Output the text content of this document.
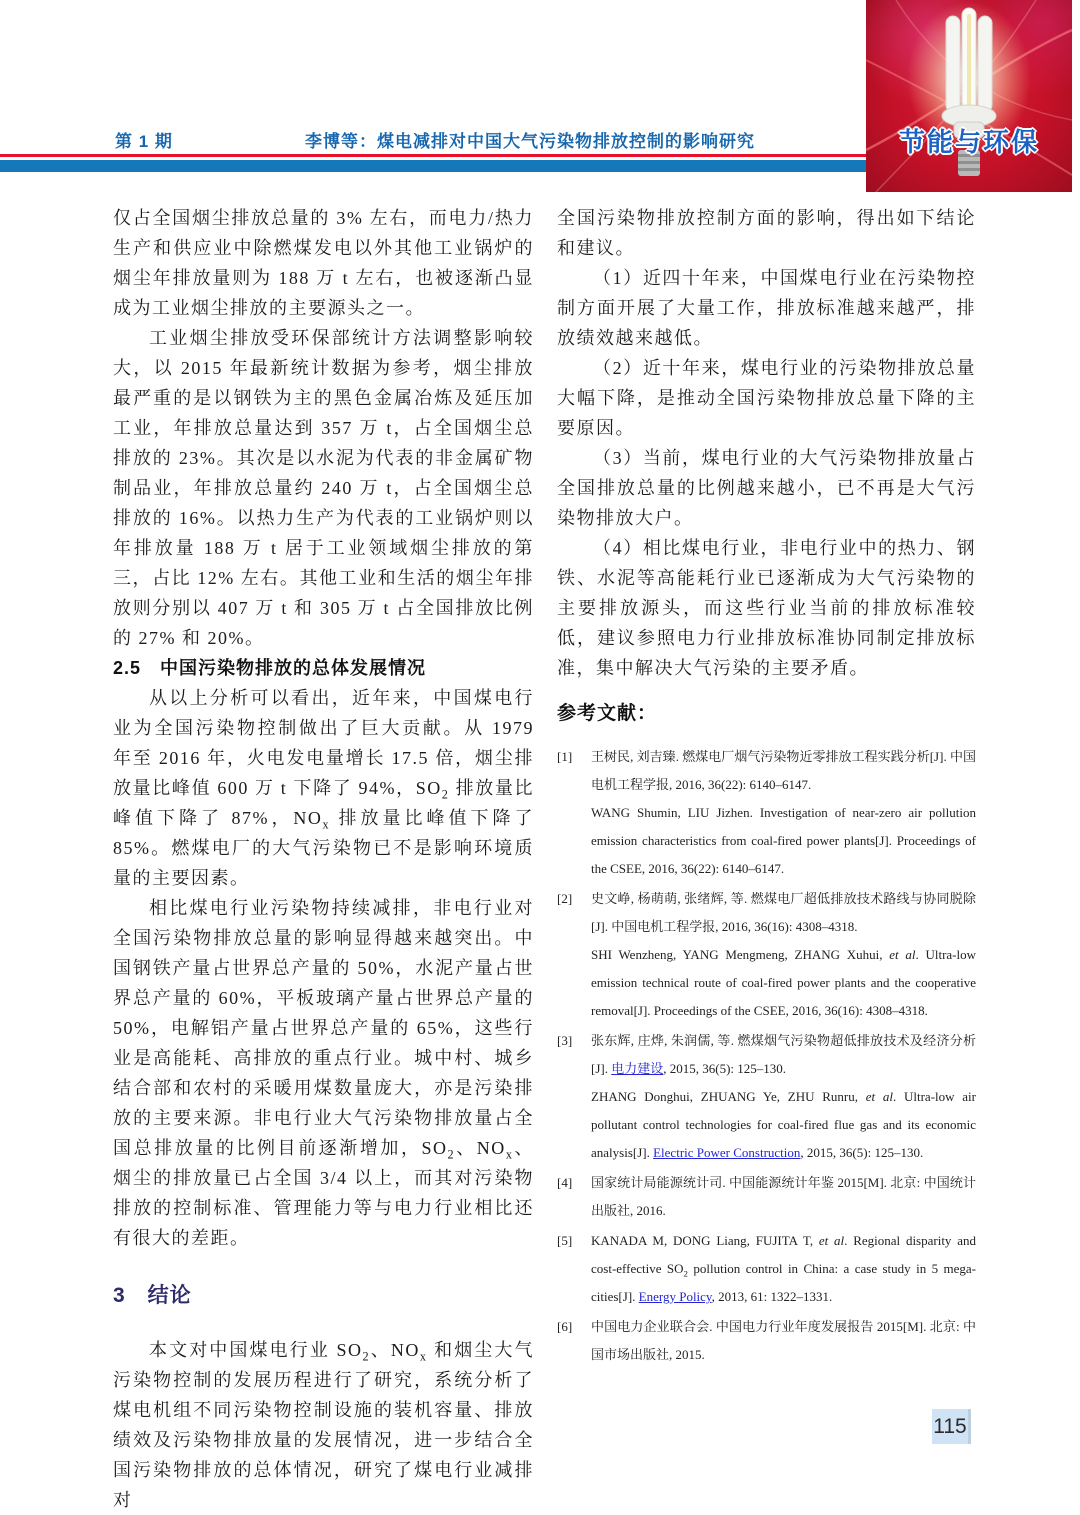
第 1 期	李博等：煤电减排对中国大气污染物排放控制的影响研究	节能与环保

仅占全国烟尘排放总量的 3% 左右，而电力/热力生产和供应业中除燃煤发电以外其他工业锅炉的烟尘年排放量则为 188 万 t 左右，也被逐渐凸显成为工业烟尘排放的主要源头之一。

工业烟尘排放受环保部统计方法调整影响较大，以 2015 年最新统计数据为参考，烟尘排放最严重的是以钢铁为主的黑色金属冶炼及延压加工业，年排放总量达到 357 万 t，占全国烟尘总排放的 23%。其次是以水泥为代表的非金属矿物制品业，年排放总量约 240 万 t，占全国烟尘总排放的 16%。以热力生产为代表的工业锅炉则以年排放量 188 万 t 居于工业领域烟尘排放的第三，占比 12% 左右。其他工业和生活的烟尘年排放则分别以 407 万 t 和 305 万 t 占全国排放比例的 27% 和 20%。

2.5　中国污染物排放的总体发展情况

从以上分析可以看出，近年来，中国煤电行业为全国污染物控制做出了巨大贡献。从 1979 年至 2016 年，火电发电量增长 17.5 倍，烟尘排放量比峰值 600 万 t 下降了 94%，$SO_2$ 排放量比峰值下降了 87%，$NO_x$ 排放量比峰值下降了 85%。燃煤电厂的大气污染物已不是影响环境质量的主要因素。

相比煤电行业污染物持续减排，非电行业对全国污染物排放总量的影响显得越来越突出。中国钢铁产量占世界总产量的 50%，水泥产量占世界总产量的 60%，平板玻璃产量占世界总产量的 50%，电解铝产量占世界总产量的 65%，这些行业是高能耗、高排放的重点行业。城中村、城乡结合部和农村的采暖用煤数量庞大，亦是污染排放的主要来源。非电行业大气污染物排放量占全国总排放量的比例目前逐渐增加，$SO_2$、$NO_x$、烟尘的排放量已占全国 3/4 以上，而其对污染物排放的控制标准、管理能力等与电力行业相比还有很大的差距。

3　结论

本文对中国煤电行业 $SO_2$、$NO_x$ 和烟尘大气污染物控制的发展历程进行了研究，系统分析了煤电机组不同污染物控制设施的装机容量、排放绩效及污染物排放量的发展情况，进一步结合全国污染物排放的总体情况，研究了煤电行业减排对

全国污染物排放控制方面的影响，得出如下结论和建议。

（1）近四十年来，中国煤电行业在污染物控制方面开展了大量工作，排放标准越来越严，排放绩效越来越低。

（2）近十年来，煤电行业的污染物排放总量大幅下降，是推动全国污染物排放总量下降的主要原因。

（3）当前，煤电行业的大气污染物排放量占全国排放总量的比例越来越小，已不再是大气污染物排放大户。

（4）相比煤电行业，非电行业中的热力、钢铁、水泥等高能耗行业已逐渐成为大气污染物的主要排放源头，而这些行业当前的排放标准较低，建议参照电力行业排放标准协同制定排放标准，集中解决大气污染的主要矛盾。

参考文献：
[1] 王树民, 刘吉臻. 燃煤电厂烟气污染物近零排放工程实践分析[J]. 中国电机工程学报, 2016, 36(22): 6140–6147.
WANG Shumin, LIU Jizhen. Investigation of near-zero air pollution emission characteristics from coal-fired power plants[J]. Proceedings of the CSEE, 2016, 36(22): 6140–6147.
[2] 史文峥, 杨萌萌, 张绪辉, 等. 燃煤电厂超低排放技术路线与协同脱除[J]. 中国电机工程学报, 2016, 36(16): 4308–4318.
SHI Wenzheng, YANG Mengmeng, ZHANG Xuhui, et al. Ultra-low emission technical route of coal-fired power plants and the cooperative removal[J]. Proceedings of the CSEE, 2016, 36(16): 4308–4318.
[3] 张东辉, 庄烨, 朱润儒, 等. 燃煤烟气污染物超低排放技术及经济分析[J]. 电力建设, 2015, 36(5): 125–130.
ZHANG Donghui, ZHUANG Ye, ZHU Runru, et al. Ultra-low air pollutant control technologies for coal-fired flue gas and its economic analysis[J]. Electric Power Construction, 2015, 36(5): 125–130.
[4] 国家统计局能源统计司. 中国能源统计年鉴 2015[M]. 北京: 中国统计出版社, 2016.
[5] KANADA M, DONG Liang, FUJITA T, et al. Regional disparity and cost-effective $SO_2$ pollution control in China: a case study in 5 mega-cities[J]. Energy Policy, 2013, 61: 1322–1331.
[6] 中国电力企业联合会. 中国电力行业年度发展报告 2015[M]. 北京: 中国市场出版社, 2015.
115
